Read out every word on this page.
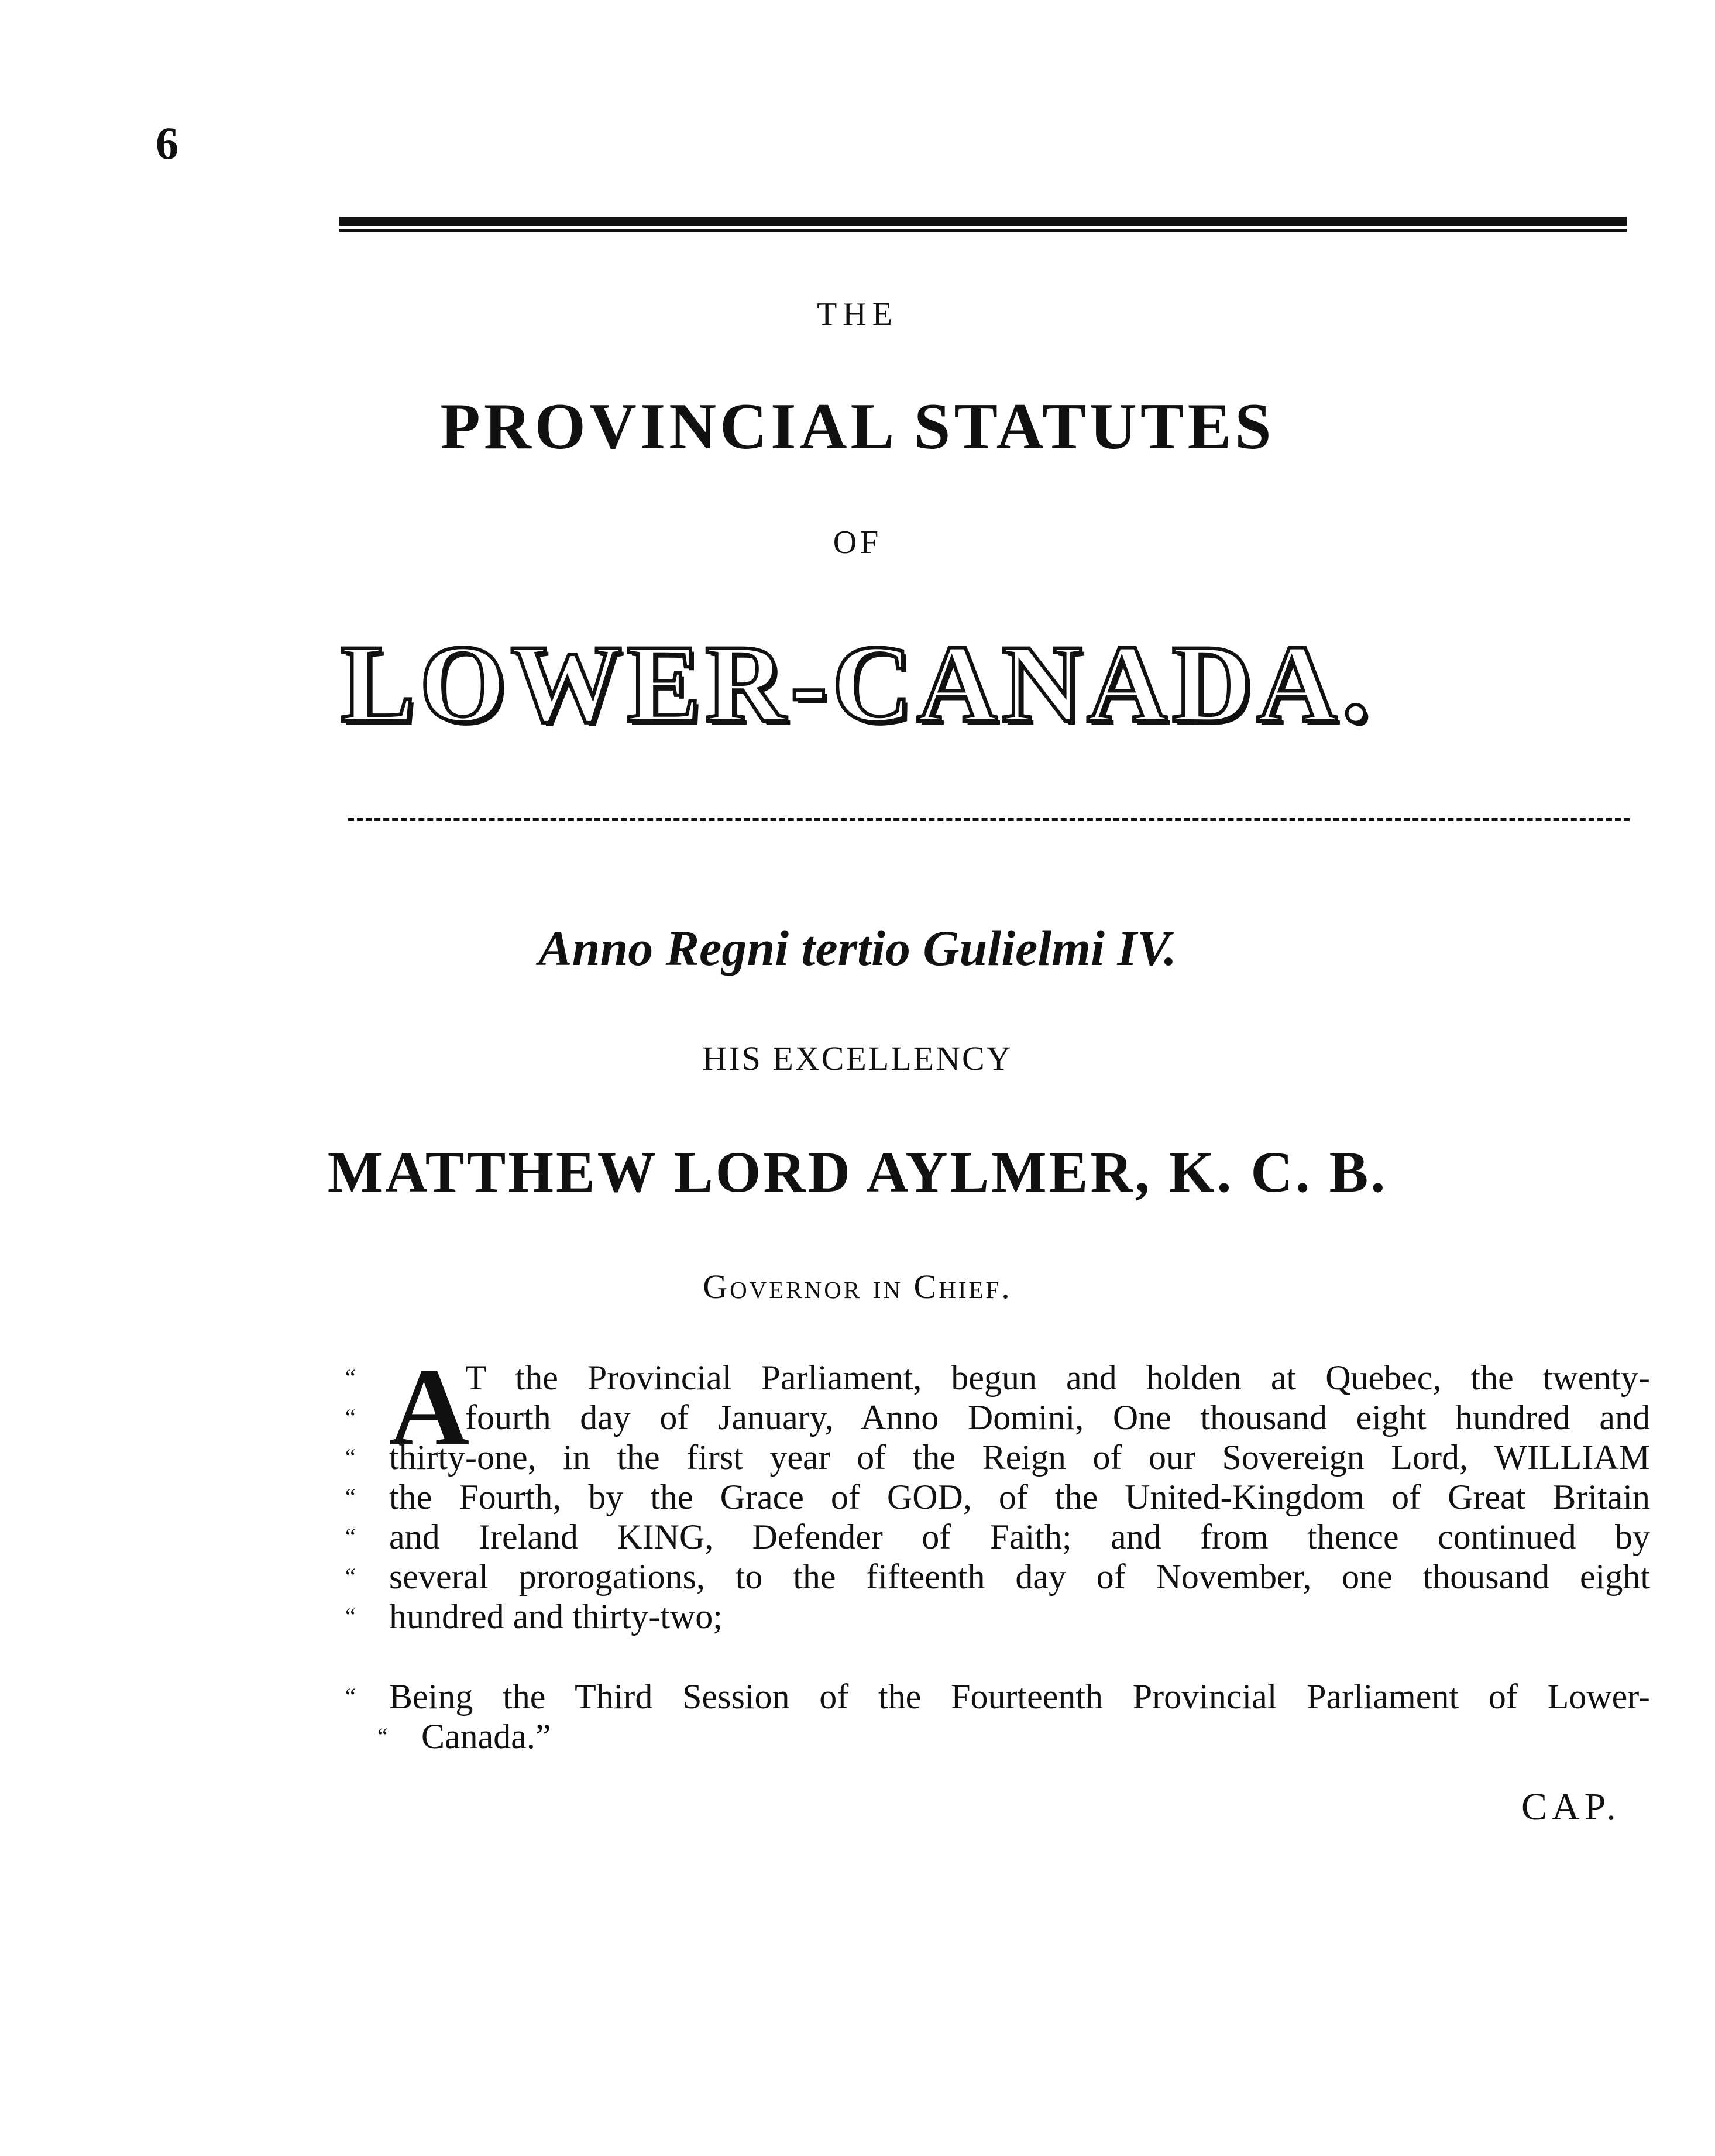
6
THE
PROVINCIAL STATUTES
OF
LOWER-CANADA.
Anno Regni tertio Gulielmi IV.
HIS EXCELLENCY
MATTHEW LORD AYLMER, K. C. B.
Governor in Chief.
A
“	T the Provincial Parliament, begun and holden at Quebec, the twenty-
“	fourth day of January, Anno Domini, One thousand eight hundred and
“ thirty-one, in the first year of the Reign of our Sovereign Lord, WILLIAM
“ the Fourth, by the Grace of GOD, of the United-Kingdom of Great Britain
“ and Ireland KING, Defender of Faith; and from thence continued by
“ several prorogations, to the fifteenth day of November, one thousand eight
“ hundred and thirty-two;
“ Being the Third Session of the Fourteenth Provincial Parliament of Lower-
“ Canada.”
CAP.
